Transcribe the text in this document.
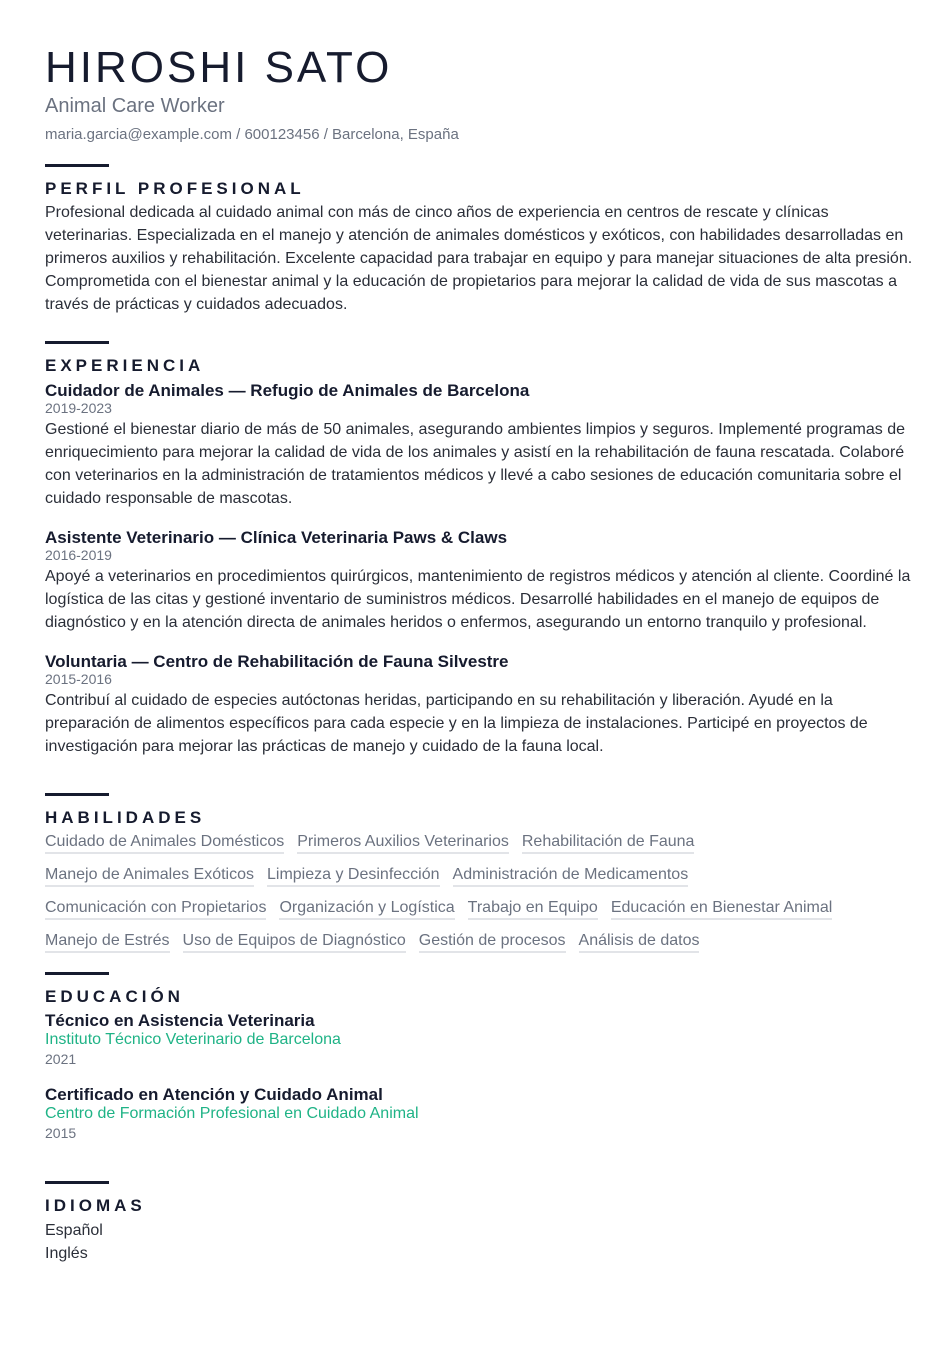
HIROSHI SATO
Animal Care Worker
maria.garcia@example.com / 600123456 / Barcelona, España
PERFIL PROFESIONAL
Profesional dedicada al cuidado animal con más de cinco años de experiencia en centros de rescate y clínicas veterinarias. Especializada en el manejo y atención de animales domésticos y exóticos, con habilidades desarrolladas en primeros auxilios y rehabilitación. Excelente capacidad para trabajar en equipo y para manejar situaciones de alta presión. Comprometida con el bienestar animal y la educación de propietarios para mejorar la calidad de vida de sus mascotas a través de prácticas y cuidados adecuados.
EXPERIENCIA
Cuidador de Animales — Refugio de Animales de Barcelona
2019-2023
Gestioné el bienestar diario de más de 50 animales, asegurando ambientes limpios y seguros. Implementé programas de enriquecimiento para mejorar la calidad de vida de los animales y asistí en la rehabilitación de fauna rescatada. Colaboré con veterinarios en la administración de tratamientos médicos y llevé a cabo sesiones de educación comunitaria sobre el cuidado responsable de mascotas.
Asistente Veterinario — Clínica Veterinaria Paws & Claws
2016-2019
Apoyé a veterinarios en procedimientos quirúrgicos, mantenimiento de registros médicos y atención al cliente. Coordiné la logística de las citas y gestioné inventario de suministros médicos. Desarrollé habilidades en el manejo de equipos de diagnóstico y en la atención directa de animales heridos o enfermos, asegurando un entorno tranquilo y profesional.
Voluntaria — Centro de Rehabilitación de Fauna Silvestre
2015-2016
Contribuí al cuidado de especies autóctonas heridas, participando en su rehabilitación y liberación. Ayudé en la preparación de alimentos específicos para cada especie y en la limpieza de instalaciones. Participé en proyectos de investigación para mejorar las prácticas de manejo y cuidado de la fauna local.
HABILIDADES
Cuidado de Animales Domésticos Primeros Auxilios Veterinarios Rehabilitación de Fauna
Manejo de Animales Exóticos Limpieza y Desinfección Administración de Medicamentos
Comunicación con Propietarios Organización y Logística Trabajo en Equipo Educación en Bienestar Animal
Manejo de Estrés Uso de Equipos de Diagnóstico Gestión de procesos Análisis de datos
EDUCACIÓN
Técnico en Asistencia Veterinaria
Instituto Técnico Veterinario de Barcelona
2021
Certificado en Atención y Cuidado Animal
Centro de Formación Profesional en Cuidado Animal
2015
IDIOMAS
Español
Inglés
